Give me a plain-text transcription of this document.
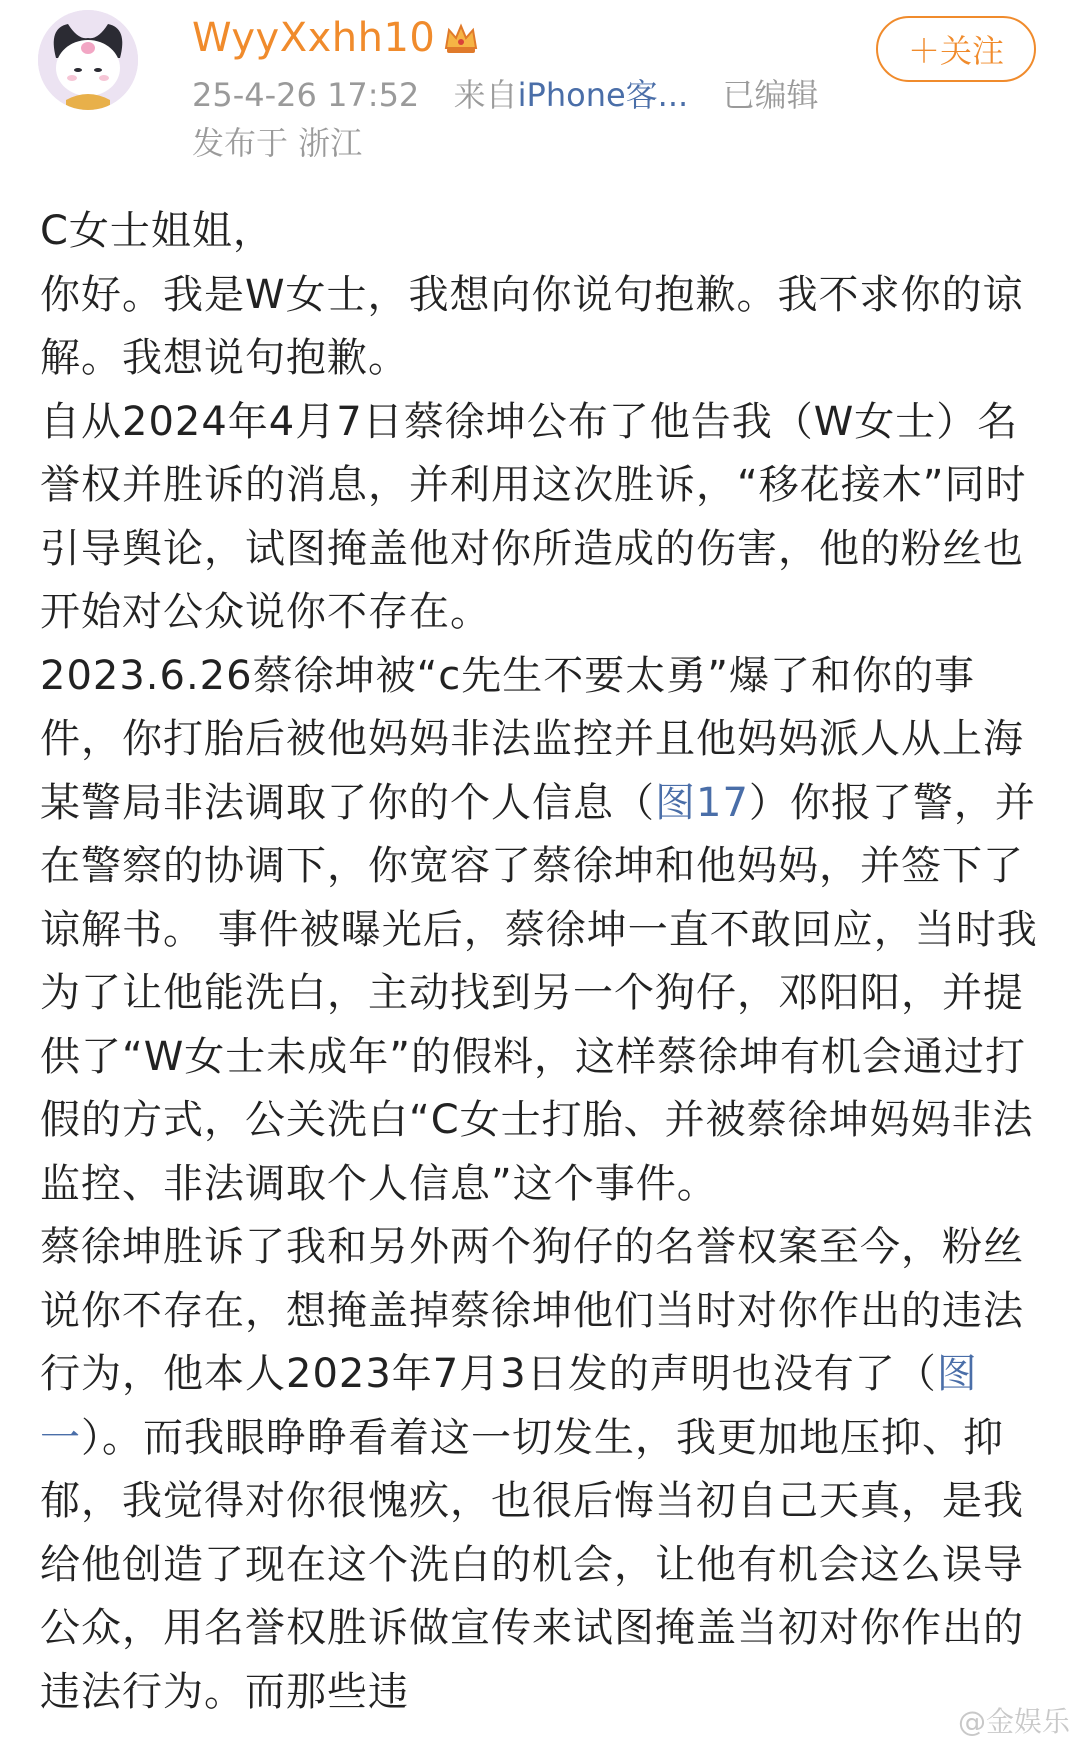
WyyXxhh10
25-4-26 17:52 来自iPhone客... 已编辑
发布于 浙江
＋关注

C女士姐姐，

你好。我是W女士，我想向你说句抱歉。我不求你的谅解。我想说句抱歉。

自从2024年4月7日蔡徐坤公布了他告我（W女士）名誉权并胜诉的消息，并利用这次胜诉，“移花接木”同时引导舆论，试图掩盖他对你所造成的伤害，他的粉丝也开始对公众说你不存在。

2023.6.26蔡徐坤被“c先生不要太勇”爆了和你的事件，你打胎后被他妈妈非法监控并且他妈妈派人从上海某警局非法调取了你的个人信息（图17）你报了警，并在警察的协调下，你宽容了蔡徐坤和他妈妈，并签下了谅解书。 事件被曝光后，蔡徐坤一直不敢回应，当时我为了让他能洗白，主动找到另一个狗仔，邓阳阳，并提供了“W女士未成年”的假料，这样蔡徐坤有机会通过打假的方式，公关洗白“C女士打胎、并被蔡徐坤妈妈非法监控、非法调取个人信息”这个事件。

蔡徐坤胜诉了我和另外两个狗仔的名誉权案至今，粉丝说你不存在，想掩盖掉蔡徐坤他们当时对你作出的违法行为，他本人2023年7月3日发的声明也没有了（图一）。而我眼睁睁看着这一切发生，我更加地压抑、抑郁，我觉得对你很愧疚，也很后悔当初自己天真，是我给他创造了现在这个洗白的机会，让他有机会这么误导公众，用名誉权胜诉做宣传来试图掩盖当初对你作出的违法行为。而那些违

@金娱乐
